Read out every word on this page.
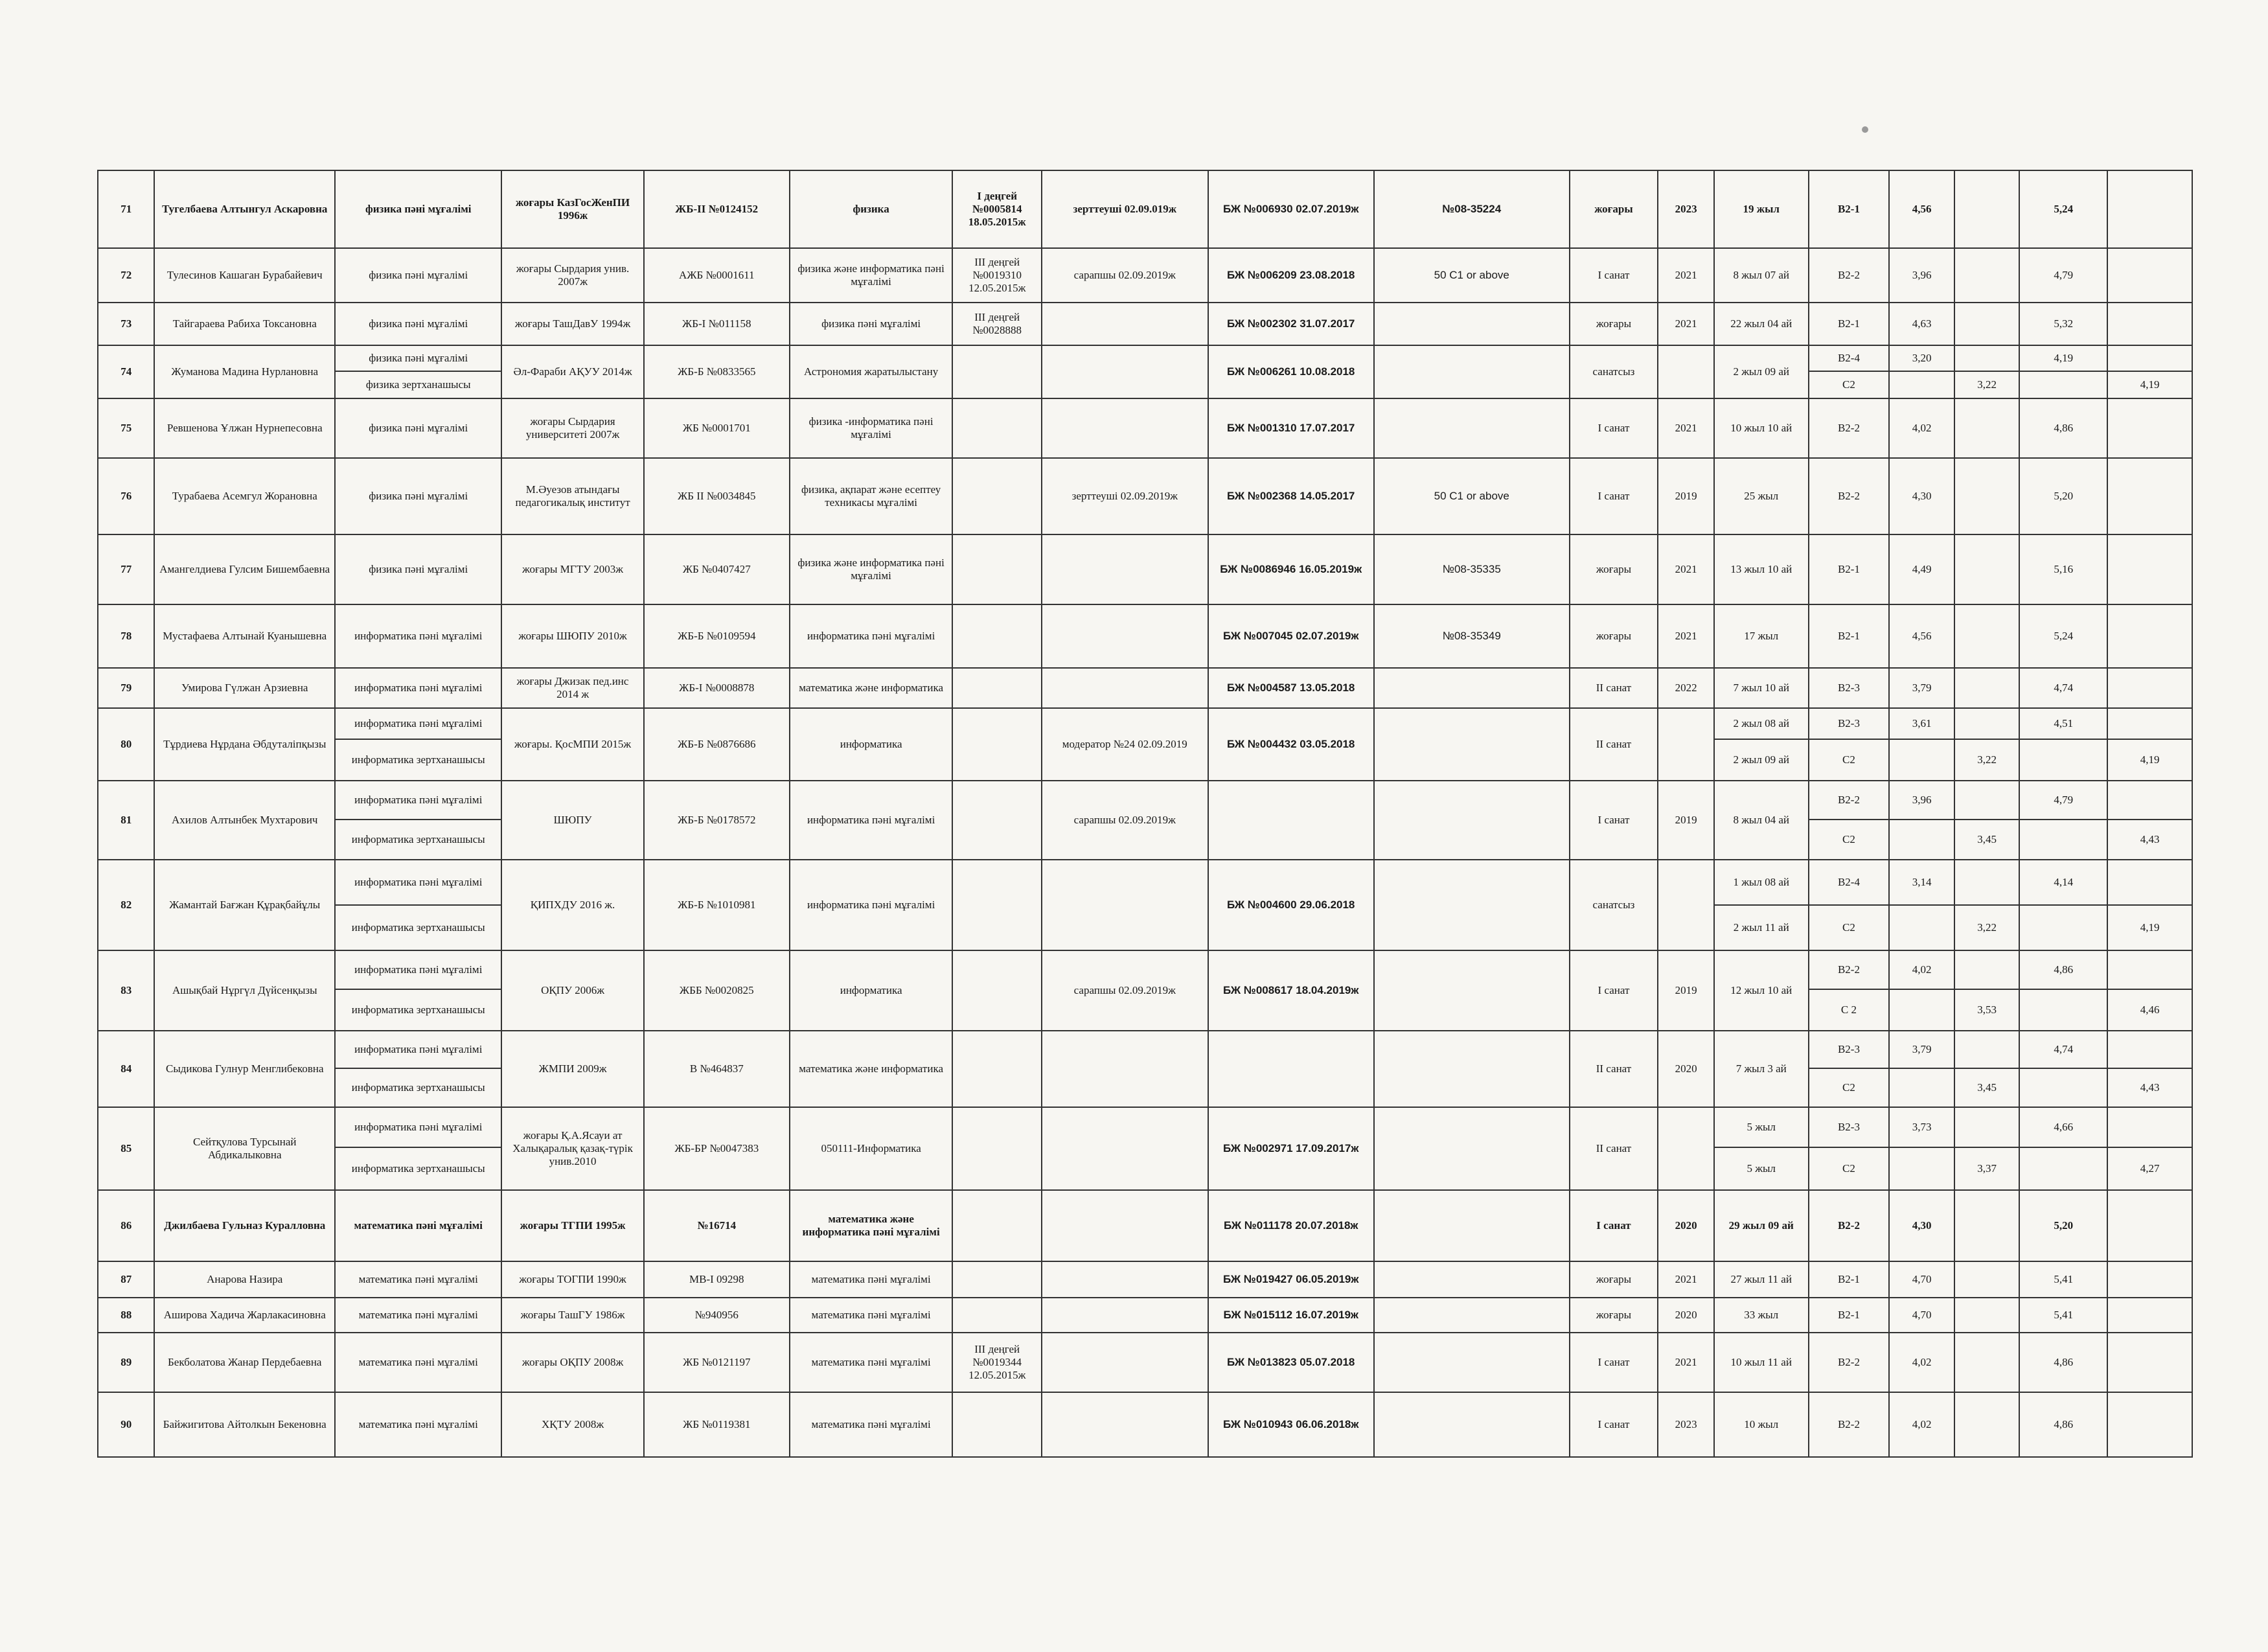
71	Тугелбаева Алтынгул Аскаровна	физика пәні мұғалімі	жоғары КазГосЖенПИ 1996ж	ЖБ-II №0124152	физика	I деңгей №0005814 18.05.2015ж	зерттеуші 02.09.019ж	БЖ №006930 02.07.2019ж	№08-35224	жоғары	2023	19 жыл	B2-1	4,56		5,24	
72	Тулесинов Кашаган Бурабайевич	физика пәні мұғалімі	жоғары Сырдария унив. 2007ж	АЖБ №0001611	физика және информатика пәні мұғалімі	III деңгей №0019310 12.05.2015ж	сарапшы 02.09.2019ж	БЖ №006209 23.08.2018	50 C1 or above	I санат	2021	8 жыл 07 ай	B2-2	3,96		4,79	
73	Тайгараева Рабиха Токсановна	физика пәні мұғалімі	жоғары ТашДавУ 1994ж	ЖБ-I №011158	физика пәні мұғалімі	III деңгей №0028888		БЖ №002302 31.07.2017		жоғары	2021	22 жыл 04 ай	B2-1	4,63		5,32	
74	Жуманова Мадина Нурлановна	физика пәні мұғалімі	Әл-Фараби АҚУУ 2014ж	ЖБ-Б №0833565	Астрономия жаратылыстану			БЖ №006261 10.08.2018		санатсыз		2 жыл 09 ай	B2-4	3,20		4,19	
		физика зертханашысы											C2		3,22		4,19
75	Ревшенова Ұлжан Нурнепесовна	физика пәні мұғалімі	жоғары Сырдария университеті 2007ж	ЖБ №0001701	физика -информатика пәні мұғалімі			БЖ №001310 17.07.2017		I санат	2021	10 жыл 10 ай	B2-2	4,02		4,86	
76	Турабаева Асемгул Жорановна	физика пәні мұғалімі	М.Әуезов атындағы педагогикалық институт	ЖБ II №0034845	физика, ақпарат және есептеу техникасы мұғалімі		зерттеуші 02.09.2019ж	БЖ №002368 14.05.2017	50 C1 or above	I санат	2019	25 жыл	B2-2	4,30		5,20	
77	Амангелдиева Гулсим Бишембаевна	физика пәні мұғалімі	жоғары МГТУ 2003ж	ЖБ №0407427	физика және информатика пәні мұғалімі			БЖ №0086946 16.05.2019ж	№08-35335	жоғары	2021	13 жыл 10 ай	B2-1	4,49		5,16	
78	Мустафаева Алтынай Куанышевна	информатика пәні мұғалімі	жоғары ШЮПУ 2010ж	ЖБ-Б №0109594	информатика пәні мұғалімі			БЖ №007045 02.07.2019ж	№08-35349	жоғары	2021	17 жыл	B2-1	4,56		5,24	
79	Умирова Гүлжан Арзиевна	информатика пәні мұғалімі	жоғары Джизак пед.инс 2014 ж	ЖБ-I №0008878	математика және информатика			БЖ №004587 13.05.2018		II санат	2022	7 жыл 10 ай	B2-3	3,79		4,74	
80	Тұрдиева Нұрдана Әбдуталіпқызы	информатика пәні мұғалімі	жоғары. ҚосМПИ 2015ж	ЖБ-Б №0876686	информатика		модератор №24 02.09.2019	БЖ №004432 03.05.2018		II санат		2 жыл 08 ай	B2-3	3,61		4,51	
		информатика зертханашысы										2 жыл 09 ай	C2		3,22		4,19
81	Ахилов Алтынбек Мухтарович	информатика пәні мұғалімі	ШЮПУ	ЖБ-Б №0178572	информатика пәні мұғалімі		сарапшы 02.09.2019ж			I санат	2019	8 жыл 04 ай	B2-2	3,96		4,79	
		информатика зертханашысы											C2		3,45		4,43
82	Жамантай Бағжан Құрақбайұлы	информатика пәні мұғалімі	ҚИПХДУ 2016 ж.	ЖБ-Б №1010981	информатика пәні мұғалімі			БЖ №004600 29.06.2018		санатсыз		1 жыл 08 ай	B2-4	3,14		4,14	
		информатика зертханашысы										2 жыл 11 ай	C2		3,22		4,19
83	Ашықбай Нұргүл Дүйсенқызы	информатика пәні мұғалімі	ОҚПУ 2006ж	ЖББ №0020825	информатика		сарапшы 02.09.2019ж	БЖ №008617 18.04.2019ж		I санат	2019	12 жыл 10 ай	B2-2	4,02		4,86	
		информатика зертханашысы											C 2		3,53		4,46
84	Сыдикова Гулнур Менглибековна	информатика пәні мұғалімі	ЖМПИ 2009ж	В №464837	математика және информатика					II санат	2020	7 жыл 3 ай	B2-3	3,79		4,74	
		информатика зертханашысы											C2		3,45		4,43
85	Сейтқулова Турсынай Абдикалыковна	информатика пәні мұғалімі	жоғары Қ.А.Ясауи ат Халықаралық қазақ-түрік унив.2010	ЖБ-БР №0047383	050111-Информатика			БЖ №002971 17.09.2017ж		II санат		5 жыл	B2-3	3,73		4,66	
		информатика зертханашысы										5 жыл	C2		3,37		4,27
86	Джилбаева Гульназ Куралловна	математика пәні мұғалімі	жоғары ТГПИ 1995ж	№16714	математика және информатика пәні мұғалімі			БЖ №011178 20.07.2018ж		I санат	2020	29 жыл 09 ай	B2-2	4,30		5,20	
87	Анарова Назира	математика пәні мұғалімі	жоғары ТОГПИ 1990ж	МВ-I 09298	математика пәні мұғалімі			БЖ №019427 06.05.2019ж		жоғары	2021	27 жыл 11 ай	B2-1	4,70		5,41	
88	Аширова Хадича Жарлакасиновна	математика пәні мұғалімі	жоғары ТашГУ 1986ж	№940956	математика пәні мұғалімі			БЖ №015112 16.07.2019ж		жоғары	2020	33 жыл	B2-1	4,70		5,41	
89	Бекболатова Жанар Пердебаевна	математика пәні мұғалімі	жоғары ОҚПУ 2008ж	ЖБ №0121197	математика пәні мұғалімі	III деңгей №0019344 12.05.2015ж		БЖ №013823 05.07.2018		I санат	2021	10 жыл 11 ай	B2-2	4,02		4,86	
90	Байжигитова Айтолкын Бекеновна	математика пәні мұғалімі	ХҚТУ 2008ж	ЖБ №0119381	математика пәні мұғалімі			БЖ №010943 06.06.2018ж		I санат	2023	10 жыл	B2-2	4,02		4,86	
